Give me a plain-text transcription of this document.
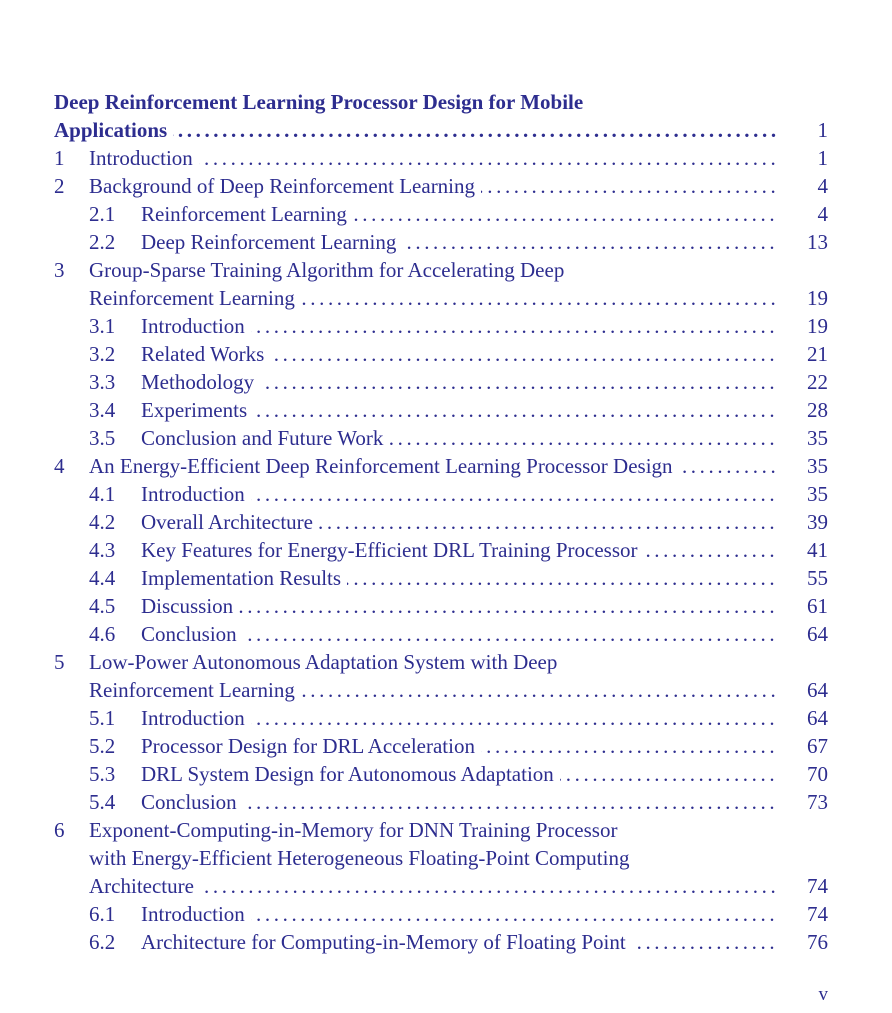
Deep Reinforcement Learning Processor Design for Mobile
Applications .....	1
1 Introduction .....	1
2 Background of Deep Reinforcement Learning .....	4
2.1 Reinforcement Learning .....	4
2.2 Deep Reinforcement Learning .....	13
3 Group-Sparse Training Algorithm for Accelerating Deep
Reinforcement Learning .....	19
3.1 Introduction .....	19
3.2 Related Works .....	21
3.3 Methodology .....	22
3.4 Experiments .....	28
3.5 Conclusion and Future Work .....	35
4 An Energy-Efficient Deep Reinforcement Learning Processor Design .....	35
4.1 Introduction .....	35
4.2 Overall Architecture .....	39
4.3 Key Features for Energy-Efficient DRL Training Processor .....	41
4.4 Implementation Results .....	55
4.5 Discussion .....	61
4.6 Conclusion .....	64
5 Low-Power Autonomous Adaptation System with Deep
Reinforcement Learning .....	64
5.1 Introduction .....	64
5.2 Processor Design for DRL Acceleration .....	67
5.3 DRL System Design for Autonomous Adaptation .....	70
5.4 Conclusion .....	73
6 Exponent-Computing-in-Memory for DNN Training Processor
with Energy-Efficient Heterogeneous Floating-Point Computing
Architecture .....	74
6.1 Introduction .....	74
6.2 Architecture for Computing-in-Memory of Floating Point .....	76
v
